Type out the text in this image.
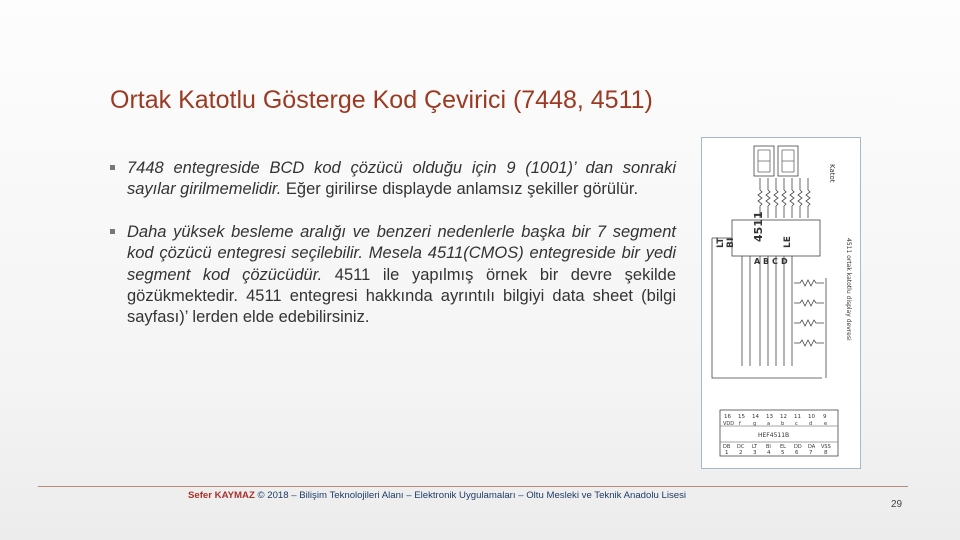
Ortak Katotlu Gösterge Kod Çevirici (7448, 4511)
7448 entegreside BCD kod çözücü olduğu için 9 (1001)’ dan sonraki sayılar girilmemelidir. Eğer girilirse displayde anlamsız şekiller görülür.
Daha yüksek besleme aralığı ve benzeri nedenlerle başka bir 7 segment kod çözücü entegresi seçilebilir. Mesela 4511(CMOS) entegreside bir yedi segment kod çözücüdür. 4511 ile yapılmış örnek bir devre şekilde gözükmektedir. 4511 entegresi hakkında ayrıntılı bilgiyi data sheet (bilgi sayfası)’ lerden elde edebilirsiniz.
Katot
4511 ortak katotlu display devresi
LT BI
4511
LE
A B C D
HEF4511B
16 15 14 13 12 11 10 9
VDD f g a b c d e
DB DC LT BI EL DD DA VSS
1 2 3 4 5 6 7 8
Sefer KAYMAZ © 2018 – Bilişim Teknolojileri Alanı – Elektronik Uygulamaları – Oltu Mesleki ve Teknik Anadolu Lisesi
29
